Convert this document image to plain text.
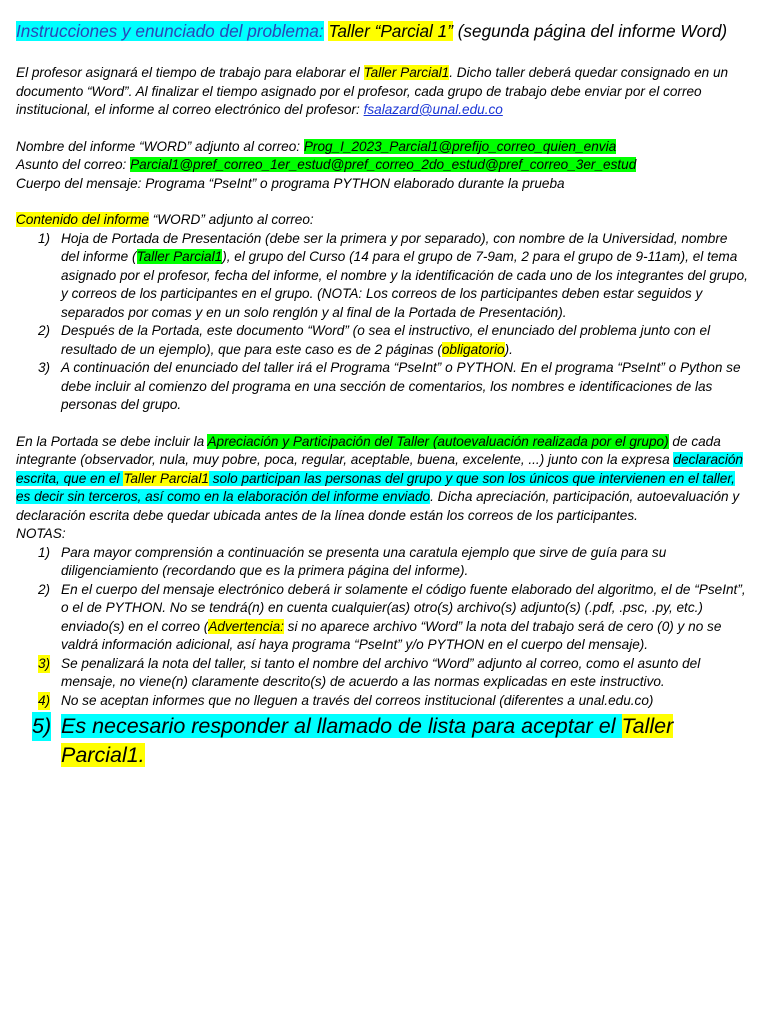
Instrucciones y enunciado del problema: Taller “Parcial 1” (segunda página del informe Word)

El profesor asignará el tiempo de trabajo para elaborar el Taller Parcial1. Dicho taller deberá quedar consignado en un documento “Word”. Al finalizar el tiempo asignado por el profesor, cada grupo de trabajo debe enviar por el correo institucional, el informe al correo electrónico del profesor: fsalazard@unal.edu.co

Nombre del informe “WORD” adjunto al correo: Prog_I_2023_Parcial1@prefijo_correo_quien_envia

Asunto del correo: Parcial1@pref_correo_1er_estud@pref_correo_2do_estud@pref_correo_3er_estud

Cuerpo del mensaje: Programa “PseInt” o programa PYTHON elaborado durante la prueba

Contenido del informe “WORD” adjunto al correo:

1) Hoja de Portada de Presentación (debe ser la primera y por separado), con nombre de la Universidad, nombre del informe (Taller Parcial1), el grupo del Curso (14 para el grupo de 7-9am, 2 para el grupo de 9-11am), el tema asignado por el profesor, fecha del informe, el nombre y la identificación de cada uno de los integrantes del grupo, y correos de los participantes en el grupo. (NOTA: Los correos de los participantes deben estar seguidos y separados por comas y en un solo renglón y al final de la Portada de Presentación).
2) Después de la Portada, este documento “Word” (o sea el instructivo, el enunciado del problema junto con el resultado de un ejemplo), que para este caso es de 2 páginas (obligatorio).
3) A continuación del enunciado del taller irá el Programa “PseInt” o PYTHON. En el programa “PseInt” o Python se debe incluir al comienzo del programa en una sección de comentarios, los nombres e identificaciones de las personas del grupo.

En la Portada se debe incluir la Apreciación y Participación del Taller (autoevaluación realizada por el grupo) de cada integrante (observador, nula, muy pobre, poca, regular, aceptable, buena, excelente, ...) junto con la expresa declaración escrita, que en el Taller Parcial1 solo participan las personas del grupo y que son los únicos que intervienen en el taller, es decir sin terceros, así como en la elaboración del informe enviado. Dicha apreciación, participación, autoevaluación y declaración escrita debe quedar ubicada antes de la línea donde están los correos de los participantes.

NOTAS:

1) Para mayor comprensión a continuación se presenta una caratula ejemplo que sirve de guía para su diligenciamiento (recordando que es la primera página del informe).
2) En el cuerpo del mensaje electrónico deberá ir solamente el código fuente elaborado del algoritmo, el de “PseInt”, o el de PYTHON. No se tendrá(n) en cuenta cualquier(as) otro(s) archivo(s) adjunto(s) (.pdf, .psc, .py, etc.) enviado(s) en el correo (Advertencia: si no aparece archivo “Word” la nota del trabajo será de cero (0) y no se valdrá información adicional, así haya programa “PseInt” y/o PYTHON en el cuerpo del mensaje).
3) Se penalizará la nota del taller, si tanto el nombre del archivo “Word” adjunto al correo, como el asunto del mensaje, no viene(n) claramente descrito(s) de acuerdo a las normas explicadas en este instructivo.
4) No se aceptan informes que no lleguen a través del correos institucional (diferentes a unal.edu.co)
5) Es necesario responder al llamado de lista para aceptar el Taller Parcial1.
